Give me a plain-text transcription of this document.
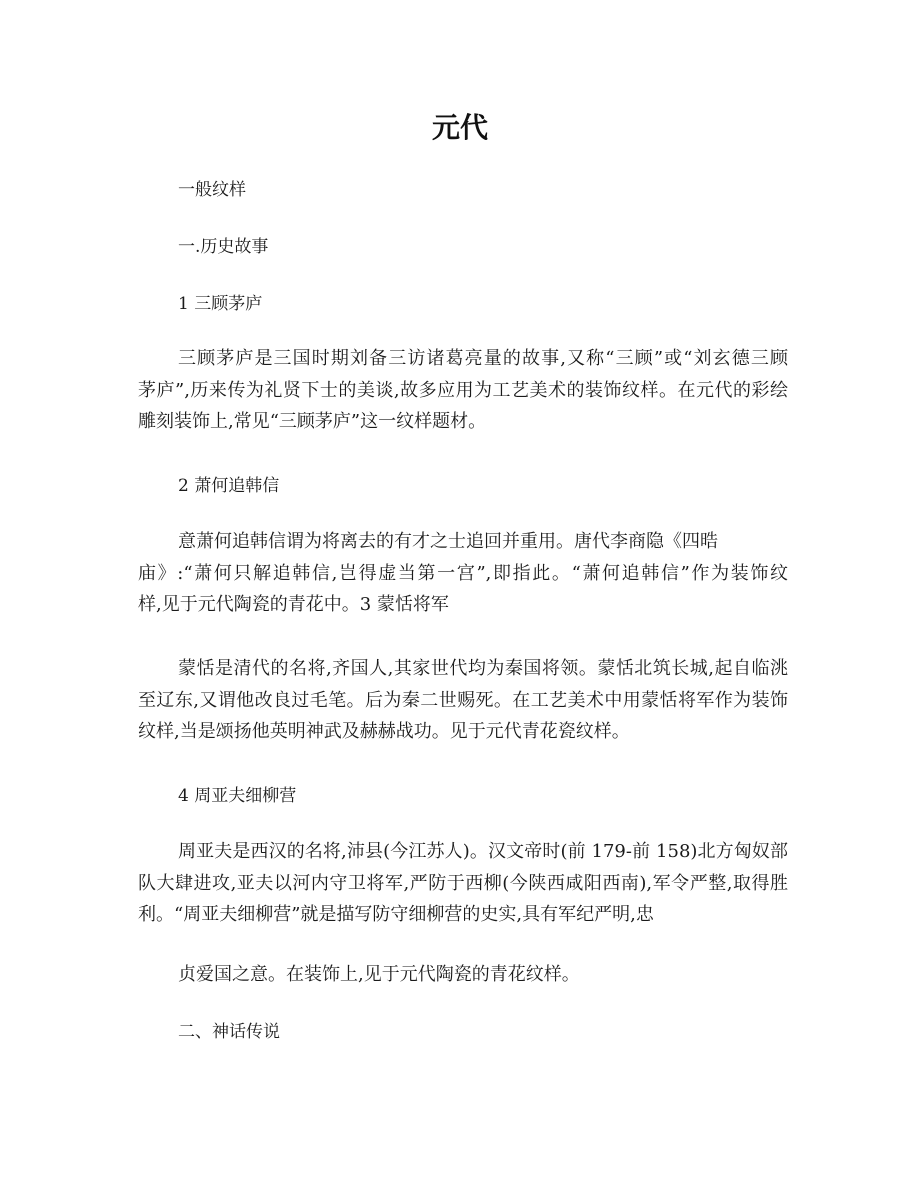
元代
一般纹样
一.历史故事
1 三顾茅庐
三顾茅庐是三国时期刘备三访诸葛亮量的故事,又称“三顾”或“刘玄德三顾
茅庐”,历来传为礼贤下士的美谈,故多应用为工艺美术的装饰纹样。在元代的彩绘
雕刻装饰上,常见“三顾茅庐”这一纹样题材。
2 萧何追韩信
意萧何追韩信谓为将离去的有才之士追回并重用。唐代李商隐《四晧
庙》:“萧何只解追韩信,岂得虚当第一宫”,即指此。“萧何追韩信”作为装饰纹
样,见于元代陶瓷的青花中。3 蒙恬将军
蒙恬是清代的名将,齐国人,其家世代均为秦国将领。蒙恬北筑长城,起自临洮
至辽东,又谓他改良过毛笔。后为秦二世赐死。在工艺美术中用蒙恬将军作为装饰
纹样,当是颂扬他英明神武及赫赫战功。见于元代青花瓷纹样。
4 周亚夫细柳营
周亚夫是西汉的名将,沛县(今江苏人)。汉文帝时(前 179-前 158)北方匈奴部
队大肆进攻,亚夫以河内守卫将军,严防于西柳(今陕西咸阳西南),军令严整,取得胜
利。“周亚夫细柳营”就是描写防守细柳营的史实,具有军纪严明,忠
贞爱国之意。在装饰上,见于元代陶瓷的青花纹样。
二、神话传说
